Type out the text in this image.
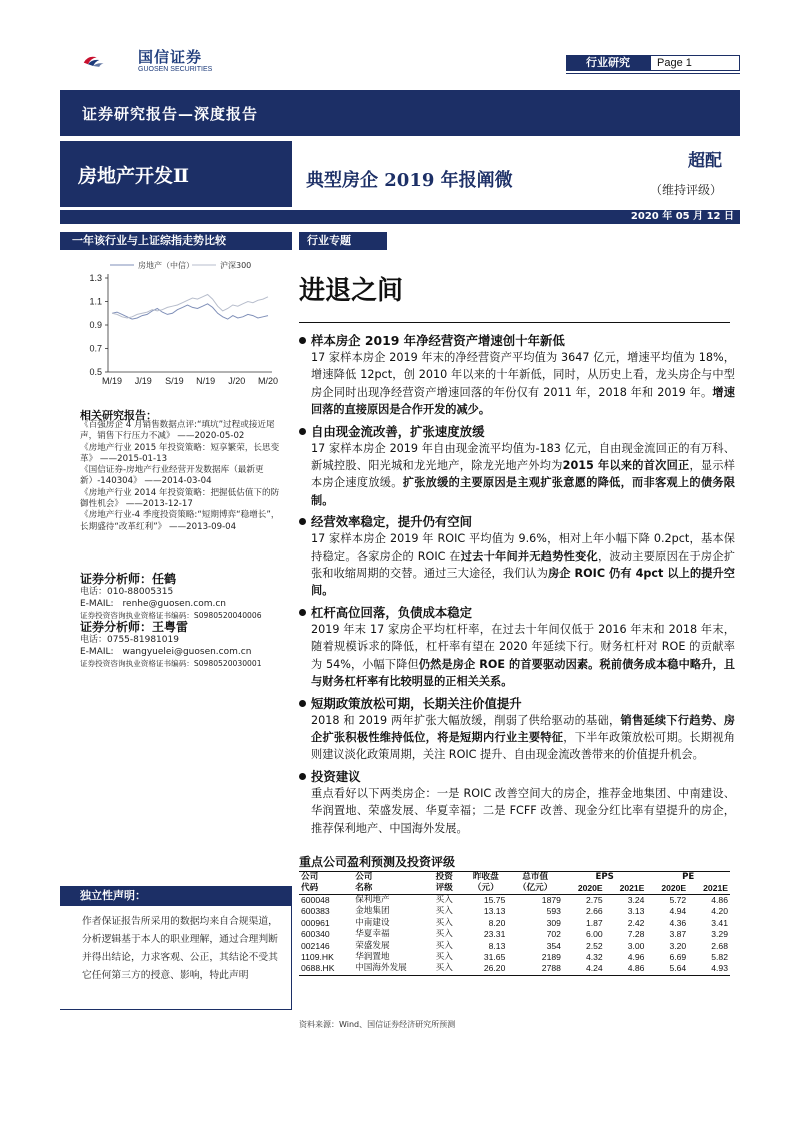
国信证券
GUOSEN SECURITIES
行业研究	Page 1
证券研究报告—深度报告
房地产开发Ⅱ
2020 年 05 月 12 日
典型房企 2019 年报阐微
超配
（维持评级）
一年该行业与上证综指走势比较
1.3
1.1
0.9
0.7
0.5
M/19 J/19 S/19 N/19 J/20 M/20
房地产（中信）	沪深300
相关研究报告：

《百强房企 4 月销售数据点评:“填坑”过程或接近尾声，销售下行压力不减》 ——2020-05-02

《房地产行业 2015 年投资策略：短享繁荣，长思变革》 ——2015-01-13

《国信证券-房地产行业经营开发数据库（最新更新）-140304》 ——2014-03-04

《房地产行业 2014 年投资策略：把握低估值下的防御性机会》 ——2013-12-17

《房地产行业-4 季度投资策略:“短期博弈“稳增长”，长期盛待“改革红利”》 ——2013-09-04

证券分析师：任鹤
电话：010-88005315
E-MAIL:　renhe@guosen.com.cn
证券投资咨询执业资格证书编码：S0980520040006
证券分析师：王粤雷
电话：0755-81981019
E-MAIL:　wangyuelei@guosen.com.cn
证券投资咨询执业资格证书编码：S0980520030001
独立性声明：
作者保证报告所采用的数据均来自合规渠道，分析逻辑基于本人的职业理解，通过合理判断并得出结论，力求客观、公正，其结论不受其它任何第三方的授意、影响，特此声明
行业专题
进退之间
样本房企 2019 年净经营资产增速创十年新低

17 家样本房企 2019 年末的净经营资产平均值为 3647 亿元，增速平均值为 18%，增速降低 12pct，创 2010 年以来的十年新低，同时，从历史上看，龙头房企与中型房企同时出现净经营资产增速回落的年份仅有 2011 年，2018 年和 2019 年。增速回落的直接原因是合作开发的减少。

自由现金流改善，扩张速度放缓

17 家样本房企 2019 年自由现金流平均值为-183 亿元，自由现金流回正的有万科、新城控股、阳光城和龙光地产，除龙光地产外均为2015 年以来的首次回正，显示样本房企速度放缓。扩张放缓的主要原因是主观扩张意愿的降低，而非客观上的债务限制。

经营效率稳定，提升仍有空间

17 家样本房企 2019 年 ROIC 平均值为 9.6%，相对上年小幅下降 0.2pct，基本保持稳定。各家房企的 ROIC 在过去十年间并无趋势性变化，波动主要原因在于房企扩张和收缩周期的交替。通过三大途径，我们认为房企 ROIC 仍有 4pct 以上的提升空间。

杠杆高位回落，负债成本稳定

2019 年末 17 家房企平均杠杆率，在过去十年间仅低于 2016 年末和 2018 年末，随着规模诉求的降低，杠杆率有望在 2020 年延续下行。财务杠杆对 ROE 的贡献率为 54%，小幅下降但仍然是房企 ROE 的首要驱动因素。税前债务成本稳中略升，且与财务杠杆率有比较明显的正相关关系。

短期政策放松可期，长期关注价值提升

2018 和 2019 两年扩张大幅放缓，削弱了供给驱动的基础，销售延续下行趋势、房企扩张积极性维持低位，将是短期内行业主要特征，下半年政策放松可期。长期视角则建议淡化政策周期，关注 ROIC 提升、自由现金流改善带来的价值提升机会。

投资建议

重点看好以下两类房企：一是 ROIC 改善空间大的房企，推荐金地集团、中南建设、华润置地、荣盛发展、华夏幸福；二是 FCFF 改善、现金分红比率有望提升的房企，推荐保利地产、中国海外发展。

重点公司盈利预测及投资评级
公司	公司	投资	昨收盘	总市值	EPS		PE	
代码	名称	评级	（元）	（亿元）	2020E	2021E	2020E	2021E
600048	保利地产	买入	15.75	1879	2.75	3.24	5.72	4.86
600383	金地集团	买入	13.13	593	2.66	3.13	4.94	4.20
000961	中南建设	买入	8.20	309	1.87	2.42	4.36	3.41
600340	华夏幸福	买入	23.31	702	6.00	7.28	3.87	3.29
002146	荣盛发展	买入	8.13	354	2.52	3.00	3.20	2.68
1109.HK	华润置地	买入	31.65	2189	4.32	4.96	6.69	5.82
0688.HK	中国海外发展	买入	26.20	2788	4.24	4.86	5.64	4.93
资料来源：Wind、国信证券经济研究所预测
